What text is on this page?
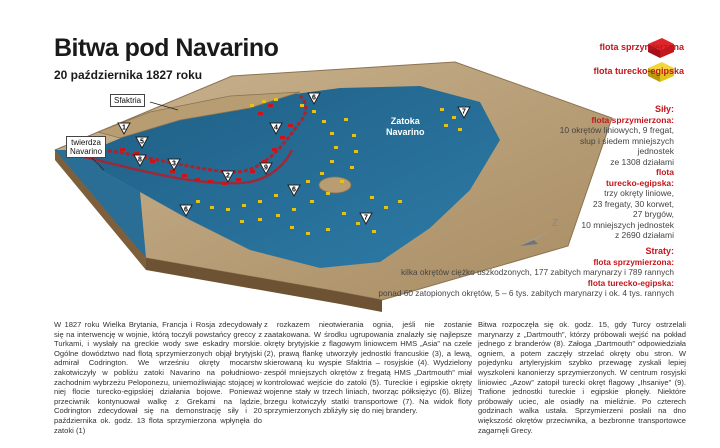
1
2
3
4
5
6
6
6
7
7
8
9
Z
Bitwa pod Navarino
20 października 1827 roku
flota sprzymierzona
flota turecko-egipska
Sfaktria
twierdza
Navarino
Zatoka
Navarino
Siły:
flota sprzymierzona:
10 okrętów liniowych, 9 fregat,
slup i siedem mniejszych
jednostek
ze 1308 działami
flota
turecko-egipska:
trzy okręty liniowe,
23 fregaty, 30 korwet,
27 brygów,
10 mniejszych jednostek
z 2690 działami
Straty:
flota sprzymierzona:
kilka okrętów ciężko uszkodzonych, 177 zabitych marynarzy i 789 rannych
flota turecko-egipska:
ponad 60 zatopionych okrętów, 5 – 6 tys. zabitych marynarzy i ok. 4 tys. rannych
W 1827 roku Wielka Brytania, Francja i Rosja zdecydowały się na interwencję w wojnie, którą toczyli powstańcy greccy z Turkami, i wysłały na greckie wody swe eskadry morskie. Ogólne dowództwo nad flotą sprzymierzonych objął brytyjski admirał Codrington. We wrześniu okręty mocarstw zakotwiczyły w pobliżu zatoki Navarino na południowo-zachodnim wybrzeżu Peloponezu, uniemożliwiając stojącej w niej flocie turecko-egipskiej działania bojowe. Ponieważ przeciwnik kontynuował walkę z Grekami na lądzie, Codrington zdecydował się na demonstrację siły i 20 października ok. godz. 13 flota sprzymierzona wpłynęła do zatoki (1)
z rozkazem nieotwierania ognia, jeśli nie zostanie zaatakowana. W środku ugrupowania znalazły się najlepsze okręty brytyjskie z flagowym liniowcem HMS „Asia” na czele (2), prawą flankę utworzyły jednostki francuskie (3), a lewą, skierowaną ku wyspie Sfaktria – rosyjskie (4). Wydzielony zespół mniejszych okrętów z fregatą HMS „Dartmouth” miał kontrolować wejście do zatoki (5). Tureckie i egipskie okręty wojenne stały w trzech liniach, tworząc półksiężyc (6). Bliżej brzegu kotwiczyły statki transportowe (7). Na widok floty sprzymierzonych zbliżyły się do niej brandery.
Bitwa rozpoczęła się ok. godz. 15, gdy Turcy ostrzelali marynarzy z „Dartmouth”, którzy próbowali wejść na pokład jednego z branderów (8). Załoga „Dartmouth” odpowiedziała ogniem, a potem zaczęły strzelać okręty obu stron. W pojedynku artyleryjskim szybko przewagę zyskali lepiej wyszkoleni kanonierzy sprzymierzonych. W centrum rosyjski liniowiec „Azow” zatopił turecki okręt flagowy „Ihsaniye” (9). Trafione jednostki tureckie i egipskie płonęły. Niektóre próbowały uciec, ale osiadły na mieliźnie. Po czterech godzinach walka ustała. Sprzymierzeni posłali na dno większość okrętów przeciwnika, a bezbronne transportowce zagarnęli Grecy.
